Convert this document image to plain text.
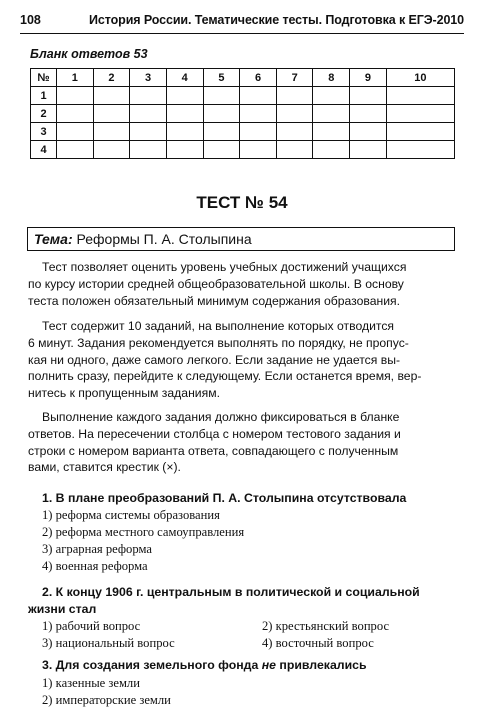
108	История России. Тематические тесты. Подготовка к ЕГЭ-2010
Бланк ответов 53
№	1	2	3	4	5	6	7	8	9	10
1										
2										
3										
4										
ТЕСТ № 54
Тема: Реформы П. А. Столыпина
Тест позволяет оценить уровень учебных достижений учащихся
по курсу истории средней общеобразовательной школы. В основу
теста положен обязательный минимум содержания образования.
Тест содержит 10 заданий, на выполнение которых отводится
6 минут. Задания рекомендуется выполнять по порядку, не пропус-
кая ни одного, даже самого легкого. Если задание не удается вы-
полнить сразу, перейдите к следующему. Если останется время, вер-
нитесь к пропущенным заданиям.
Выполнение каждого задания должно фиксироваться в бланке
ответов. На пересечении столбца с номером тестового задания и
строки с номером варианта ответа, совпадающего с полученным
вами, ставится крестик (×).
1. В плане преобразований П. А. Столыпина отсутствовала
1) реформа системы образования
2) реформа местного самоуправления
3) аграрная реформа
4) военная реформа
2. К концу 1906 г. центральным в политической и социальной
жизни стал
1) рабочий вопрос	2) крестьянский вопрос
3) национальный вопрос	4) восточный вопрос
3. Для создания земельного фонда не привлекались
1) казенные земли
2) императорские земли
